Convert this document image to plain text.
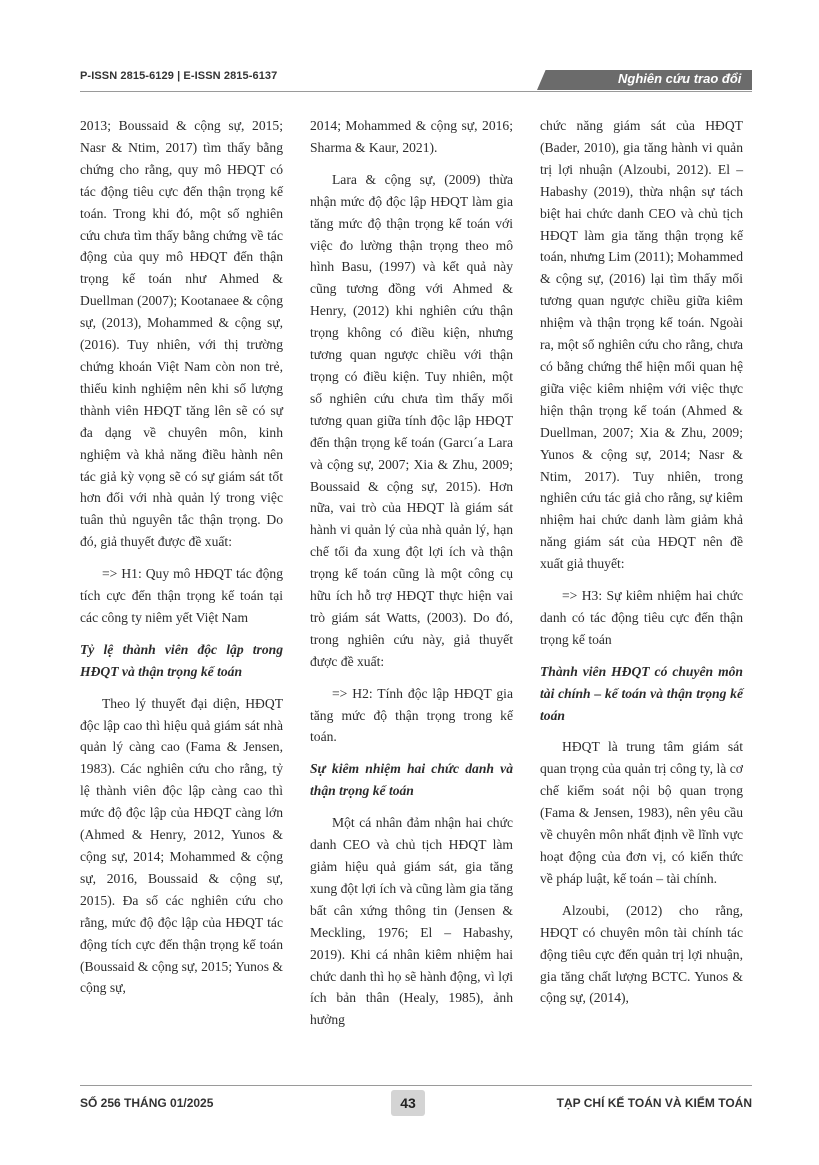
P-ISSN 2815-6129 | E-ISSN 2815-6137	Nghiên cứu trao đổi

2013; Boussaid & cộng sự, 2015; Nasr & Ntim, 2017) tìm thấy bằng chứng cho rằng, quy mô HĐQT có tác động tiêu cực đến thận trọng kế toán. Trong khi đó, một số nghiên cứu chưa tìm thấy bằng chứng về tác động của quy mô HĐQT đến thận trọng kế toán như Ahmed & Duellman (2007); Kootanaee & cộng sự, (2013), Mohammed & cộng sự, (2016). Tuy nhiên, với thị trường chứng khoán Việt Nam còn non trẻ, thiếu kinh nghiệm nên khi số lượng thành viên HĐQT tăng lên sẽ có sự đa dạng về chuyên môn, kinh nghiệm và khả năng điều hành nên tác giả kỳ vọng sẽ có sự giám sát tốt hơn đối với nhà quản lý trong việc tuân thủ nguyên tắc thận trọng. Do đó, giả thuyết được đề xuất:

=> H1: Quy mô HĐQT tác động tích cực đến thận trọng kế toán tại các công ty niêm yết Việt Nam

Tỷ lệ thành viên độc lập trong HĐQT và thận trọng kế toán

Theo lý thuyết đại diện, HĐQT độc lập cao thì hiệu quả giám sát nhà quản lý càng cao (Fama & Jensen, 1983). Các nghiên cứu cho rằng, tỷ lệ thành viên độc lập càng cao thì mức độ độc lập của HĐQT càng lớn (Ahmed & Henry, 2012, Yunos & cộng sự, 2014; Mohammed & cộng sự, 2016, Boussaid & cộng sự, 2015). Đa số các nghiên cứu cho rằng, mức độ độc lập của HĐQT tác động tích cực đến thận trọng kế toán (Boussaid & cộng sự, 2015; Yunos & cộng sự,

2014; Mohammed & cộng sự, 2016; Sharma & Kaur, 2021).

Lara & cộng sự, (2009) thừa nhận mức độ độc lập HĐQT làm gia tăng mức độ thận trọng kế toán với việc đo lường thận trọng theo mô hình Basu, (1997) và kết quả này cũng tương đồng với Ahmed & Henry, (2012) khi nghiên cứu thận trọng không có điều kiện, nhưng tương quan ngược chiều với thận trọng có điều kiện. Tuy nhiên, một số nghiên cứu chưa tìm thấy mối tương quan giữa tính độc lập HĐQT đến thận trọng kế toán (Garcı´a Lara và cộng sự, 2007; Xia & Zhu, 2009; Boussaid & cộng sự, 2015). Hơn nữa, vai trò của HĐQT là giám sát hành vi quản lý của nhà quản lý, hạn chế tối đa xung đột lợi ích và thận trọng kế toán cũng là một công cụ hữu ích hỗ trợ HĐQT thực hiện vai trò giám sát Watts, (2003). Do đó, trong nghiên cứu này, giả thuyết được đề xuất:

=> H2: Tính độc lập HĐQT gia tăng mức độ thận trọng trong kế toán.

Sự kiêm nhiệm hai chức danh và thận trọng kế toán

Một cá nhân đảm nhận hai chức danh CEO và chủ tịch HĐQT làm giảm hiệu quả giám sát, gia tăng xung đột lợi ích và cũng làm gia tăng bất cân xứng thông tin (Jensen & Meckling, 1976; El – Habashy, 2019). Khi cá nhân kiêm nhiệm hai chức danh thì họ sẽ hành động, vì lợi ích bản thân (Healy, 1985), ảnh hưởng

chức năng giám sát của HĐQT (Bader, 2010), gia tăng hành vi quản trị lợi nhuận (Alzoubi, 2012). El – Habashy (2019), thừa nhận sự tách biệt hai chức danh CEO và chủ tịch HĐQT làm gia tăng thận trọng kế toán, nhưng Lim (2011); Mohammed & cộng sự, (2016) lại tìm thấy mối tương quan ngược chiều giữa kiêm nhiệm và thận trọng kế toán. Ngoài ra, một số nghiên cứu cho rằng, chưa có bằng chứng thể hiện mối quan hệ giữa việc kiêm nhiệm với việc thực hiện thận trọng kế toán (Ahmed & Duellman, 2007; Xia & Zhu, 2009; Yunos & cộng sự, 2014; Nasr & Ntim, 2017). Tuy nhiên, trong nghiên cứu tác giả cho rằng, sự kiêm nhiệm hai chức danh làm giảm khả năng giám sát của HĐQT nên đề xuất giả thuyết:

=> H3: Sự kiêm nhiệm hai chức danh có tác động tiêu cực đến thận trọng kế toán

Thành viên HĐQT có chuyên môn tài chính – kế toán và thận trọng kế toán

HĐQT là trung tâm giám sát quan trọng của quản trị công ty, là cơ chế kiểm soát nội bộ quan trọng (Fama & Jensen, 1983), nên yêu cầu về chuyên môn nhất định về lĩnh vực hoạt động của đơn vị, có kiến thức về pháp luật, kế toán – tài chính.

Alzoubi, (2012) cho rằng, HĐQT có chuyên môn tài chính tác động tiêu cực đến quản trị lợi nhuận, gia tăng chất lượng BCTC. Yunos & cộng sự, (2014),

SỐ 256 THÁNG 01/2025	43	TẠP CHÍ KẾ TOÁN VÀ KIỂM TOÁN
